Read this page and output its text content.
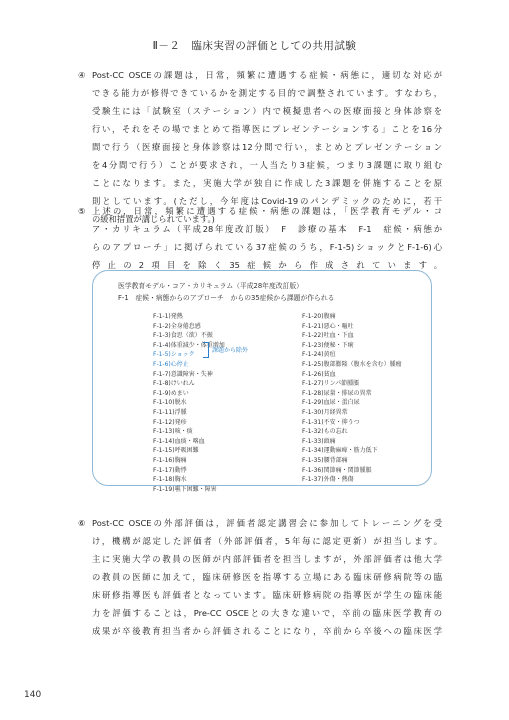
Ⅱ－２　臨床実習の評価としての共用試験
④ Post-CC OSCEの課題は，日常，頻繁に遭遇する症候・病態に，適切な対応が
できる能力が修得できているかを測定する目的で調整されています。すなわち，
受験生には「試験室（ステーション）内で模擬患者への医療面接と身体診察を
行い，それをその場でまとめて指導医にプレゼンテーションする」ことを16分
間で行う（医療面接と身体診察は12分間で行い，まとめとプレゼンテーション
を4分間で行う）ことが要求され，一人当たり3症候，つまり3課題に取り組む
ことになります。また，実施大学が独自に作成した3課題を併施することを原
則としています。(ただし，今年度はCovid-19のパンデミックのために，若干
の緩和措置が講じられています。)
⑤ 上述の，日常，頻繁に遭遇する症候・病態の課題は，「医学教育モデル・コ
ア・カリキュラム（平成28年度改訂版）　F　診療の基本　F-1　症候・病態か
らのアプローチ」に掲げられている37症候のうち，F-1-5)ショックとF-1-6)心
停止の2項目を除く35症候から作成されています。
医学教育モデル・コア・カリキュラム（平成28年度改訂版）
F-1　症候・病態からのアプローチ　からの35症候から課題が作られる
F-1-1)発熱
F-1-2)全身倦怠感
F-1-3)食思（欲）不振
F-1-4)体重減少・体重増加
F-1-5)ショック
F-1-6)心停止
F-1-7)意識障害・失神
F-1-8)けいれん
F-1-9)めまい
F-1-10)脱水
F-1-11)浮腫
F-1-12)発疹
F-1-13)咳・痰
F-1-14)血痰・喀血
F-1-15)呼吸困難
F-1-16)胸痛
F-1-17)動悸
F-1-18)胸水
F-1-19)嚥下困難・障害
課題から除外
F-1-20)腹痛
F-1-21)悪心・嘔吐
F-1-22)吐血・下血
F-1-23)便秘・下痢
F-1-24)黄疸
F-1-25)腹部膨隆（腹水を含む）腫瘤
F-1-26)貧血
F-1-27)リンパ節腫脹
F-1-28)尿量・排尿の異常
F-1-29)血尿・蛋白尿
F-1-30)月経異常
F-1-31)不安・抑うつ
F-1-32)もの忘れ
F-1-33)頭痛
F-1-34)運動麻痺・筋力低下
F-1-35)腰背部痛
F-1-36)関節痛・関節腫脹
F-1-37)外傷・熱傷
⑥ Post-CC OSCEの外部評価は，評価者認定講習会に参加してトレーニングを受
け，機構が認定した評価者（外部評価者，5年毎に認定更新）が担当します。
主に実施大学の教員の医師が内部評価者を担当しますが，外部評価者は他大学
の教員の医師に加えて，臨床研修医を指導する立場にある臨床研修病院等の臨
床研修指導医も評価者となっています。臨床研修病院の指導医が学生の臨床能
力を評価することは，Pre-CC OSCEとの大きな違いで，卒前の臨床医学教育の
成果が卒後教育担当者から評価されることになり，卒前から卒後への臨床医学
140
